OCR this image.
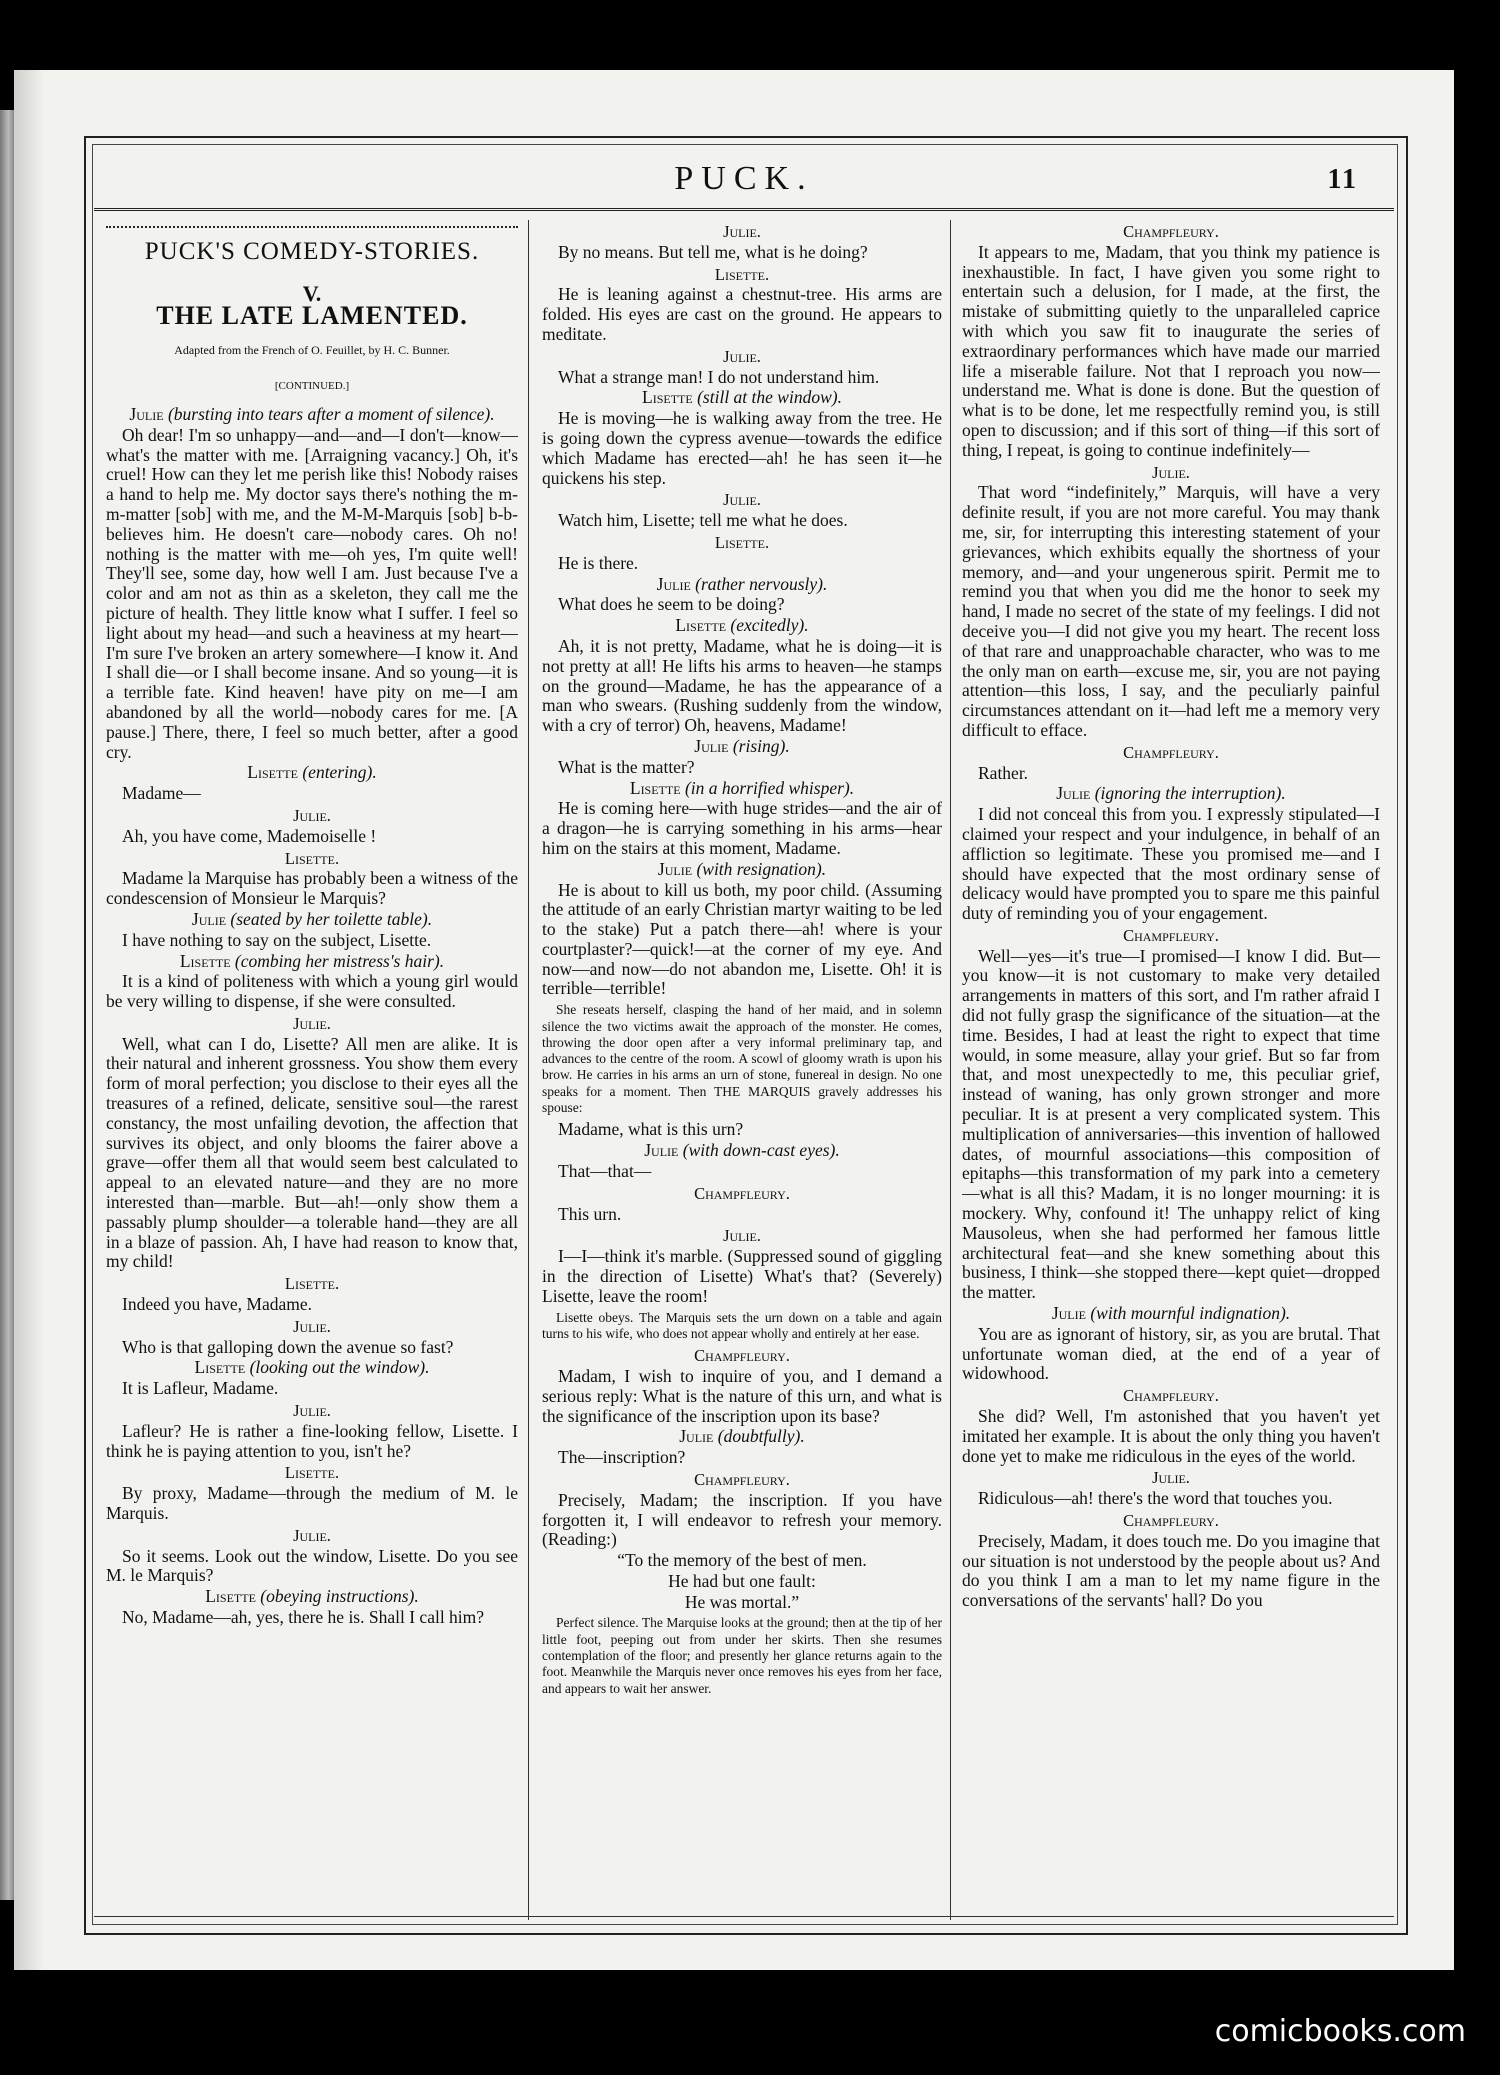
PUCK.	11
PUCK'S COMEDY-STORIES.
V.
THE LATE LAMENTED.
Adapted from the French of O. Feuillet, by H. C. Bunner.
[CONTINUED.]

Julie (bursting into tears after a moment of silence).

Oh dear! I'm so unhappy—and—and—I don't—know—what's the matter with me. [Arraigning vacancy.] Oh, it's cruel! How can they let me perish like this! Nobody raises a hand to help me. My doctor says there's nothing the m-m-matter [sob] with me, and the M-M-Marquis [sob] b-b-believes him. He doesn't care—nobody cares. Oh no! nothing is the matter with me—oh yes, I'm quite well! They'll see, some day, how well I am. Just because I've a color and am not as thin as a skeleton, they call me the picture of health. They little know what I suffer. I feel so light about my head—and such a heaviness at my heart—I'm sure I've broken an artery somewhere—I know it. And I shall die—or I shall become insane. And so young—it is a terrible fate. Kind heaven! have pity on me—I am abandoned by all the world—nobody cares for me. [A pause.] There, there, I feel so much better, after a good cry.

Lisette (entering).

Madame—

Julie.

Ah, you have come, Mademoiselle !

Lisette.

Madame la Marquise has probably been a witness of the condescension of Monsieur le Marquis?

Julie (seated by her toilette table).

I have nothing to say on the subject, Lisette.

Lisette (combing her mistress's hair).

It is a kind of politeness with which a young girl would be very willing to dispense, if she were consulted.

Julie.

Well, what can I do, Lisette? All men are alike. It is their natural and inherent grossness. You show them every form of moral perfection; you disclose to their eyes all the treasures of a refined, delicate, sensitive soul—the rarest constancy, the most unfailing devotion, the affection that survives its object, and only blooms the fairer above a grave—offer them all that would seem best calculated to appeal to an elevated nature—and they are no more interested than—marble. But—ah!—only show them a passably plump shoulder—a tolerable hand—they are all in a blaze of passion. Ah, I have had reason to know that, my child!

Lisette.

Indeed you have, Madame.

Julie.

Who is that galloping down the avenue so fast?

Lisette (looking out the window).

It is Lafleur, Madame.

Julie.

Lafleur? He is rather a fine-looking fellow, Lisette. I think he is paying attention to you, isn't he?

Lisette.

By proxy, Madame—through the medium of M. le Marquis.

Julie.

So it seems. Look out the window, Lisette. Do you see M. le Marquis?

Lisette (obeying instructions).

No, Madame—ah, yes, there he is. Shall I call him?

Julie.

By no means. But tell me, what is he doing?

Lisette.

He is leaning against a chestnut-tree. His arms are folded. His eyes are cast on the ground. He appears to meditate.

Julie.

What a strange man! I do not understand him.

Lisette (still at the window).

He is moving—he is walking away from the tree. He is going down the cypress avenue—towards the edifice which Madame has erected—ah! he has seen it—he quickens his step.

Julie.

Watch him, Lisette; tell me what he does.

Lisette.

He is there.

Julie (rather nervously).

What does he seem to be doing?

Lisette (excitedly).

Ah, it is not pretty, Madame, what he is doing—it is not pretty at all! He lifts his arms to heaven—he stamps on the ground—Madame, he has the appearance of a man who swears. (Rushing suddenly from the window, with a cry of terror) Oh, heavens, Madame!

Julie (rising).

What is the matter?

Lisette (in a horrified whisper).

He is coming here—with huge strides—and the air of a dragon—he is carrying something in his arms—hear him on the stairs at this moment, Madame.

Julie (with resignation).

He is about to kill us both, my poor child. (Assuming the attitude of an early Christian martyr waiting to be led to the stake) Put a patch there—ah! where is your courtplaster?—quick!—at the corner of my eye. And now—and now—do not abandon me, Lisette. Oh! it is terrible—terrible!

She reseats herself, clasping the hand of her maid, and in solemn silence the two victims await the approach of the monster. He comes, throwing the door open after a very informal preliminary tap, and advances to the centre of the room. A scowl of gloomy wrath is upon his brow. He carries in his arms an urn of stone, funereal in design. No one speaks for a moment. Then THE MARQUIS gravely addresses his spouse:

Madame, what is this urn?

Julie (with down-cast eyes).

That—that—

Champfleury.

This urn.

Julie.

I—I—think it's marble. (Suppressed sound of giggling in the direction of Lisette) What's that? (Severely) Lisette, leave the room!

Lisette obeys. The Marquis sets the urn down on a table and again turns to his wife, who does not appear wholly and entirely at her ease.

Champfleury.

Madam, I wish to inquire of you, and I demand a serious reply: What is the nature of this urn, and what is the significance of the inscription upon its base?

Julie (doubtfully).

The—inscription?

Champfleury.

Precisely, Madam; the inscription. If you have forgotten it, I will endeavor to refresh your memory. (Reading:)

“To the memory of the best of men.

He had but one fault:

He was mortal.”

Perfect silence. The Marquise looks at the ground; then at the tip of her little foot, peeping out from under her skirts. Then she resumes contemplation of the floor; and presently her glance returns again to the foot. Meanwhile the Marquis never once removes his eyes from her face, and appears to wait her answer.

Champfleury.

It appears to me, Madam, that you think my patience is inexhaustible. In fact, I have given you some right to entertain such a delusion, for I made, at the first, the mistake of submitting quietly to the unparalleled caprice with which you saw fit to inaugurate the series of extraordinary performances which have made our married life a miserable failure. Not that I reproach you now—understand me. What is done is done. But the question of what is to be done, let me respectfully remind you, is still open to discussion; and if this sort of thing—if this sort of thing, I repeat, is going to continue indefinitely—

Julie.

That word “indefinitely,” Marquis, will have a very definite result, if you are not more careful. You may thank me, sir, for interrupting this interesting statement of your grievances, which exhibits equally the shortness of your memory, and—and your ungenerous spirit. Permit me to remind you that when you did me the honor to seek my hand, I made no secret of the state of my feelings. I did not deceive you—I did not give you my heart. The recent loss of that rare and unapproachable character, who was to me the only man on earth—excuse me, sir, you are not paying attention—this loss, I say, and the peculiarly painful circumstances attendant on it—had left me a memory very difficult to efface.

Champfleury.

Rather.

Julie (ignoring the interruption).

I did not conceal this from you. I expressly stipulated—I claimed your respect and your indulgence, in behalf of an affliction so legitimate. These you promised me—and I should have expected that the most ordinary sense of delicacy would have prompted you to spare me this painful duty of reminding you of your engagement.

Champfleury.

Well—yes—it's true—I promised—I know I did. But—you know—it is not customary to make very detailed arrangements in matters of this sort, and I'm rather afraid I did not fully grasp the significance of the situation—at the time. Besides, I had at least the right to expect that time would, in some measure, allay your grief. But so far from that, and most unexpectedly to me, this peculiar grief, instead of waning, has only grown stronger and more peculiar. It is at present a very complicated system. This multiplication of anniversaries—this invention of hallowed dates, of mournful associations—this composition of epitaphs—this transformation of my park into a cemetery—what is all this? Madam, it is no longer mourning: it is mockery. Why, confound it! The unhappy relict of king Mausoleus, when she had performed her famous little architectural feat—and she knew something about this business, I think—she stopped there—kept quiet—dropped the matter.

Julie (with mournful indignation).

You are as ignorant of history, sir, as you are brutal. That unfortunate woman died, at the end of a year of widowhood.

Champfleury.

She did? Well, I'm astonished that you haven't yet imitated her example. It is about the only thing you haven't done yet to make me ridiculous in the eyes of the world.

Julie.

Ridiculous—ah! there's the word that touches you.

Champfleury.

Precisely, Madam, it does touch me. Do you imagine that our situation is not understood by the people about us? And do you think I am a man to let my name figure in the conversations of the servants' hall? Do you

comicbooks.com
